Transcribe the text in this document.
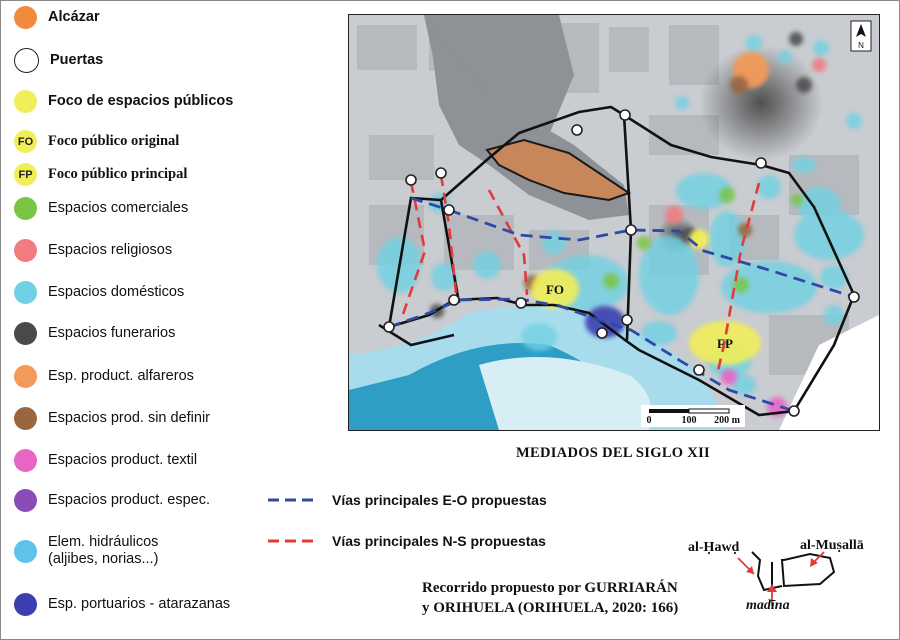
Alcázar
Puertas
Foco de espacios públicos
FO Foco público original
FP	Foco público principal
Espacios comerciales
Espacios religiosos
Espacios domésticos
Espacios funerarios
Esp. product. alfareros
Espacios prod. sin definir
Espacios product. textil
Espacios product. espec.
Elem. hidráulicos
(aljibes, norias...)
Esp. portuarios - atarazanas
FO
FP
N
0	100 200 m
MEDIADOS DEL SIGLO XII
Vías principales E-O propuestas
Vías principales N-S propuestas
Recorrido propuesto por GURRIARÁN
y ORIHUELA (ORIHUELA, 2020: 166)
al-Ḥawḍ	al-Muṣallā
madīna
